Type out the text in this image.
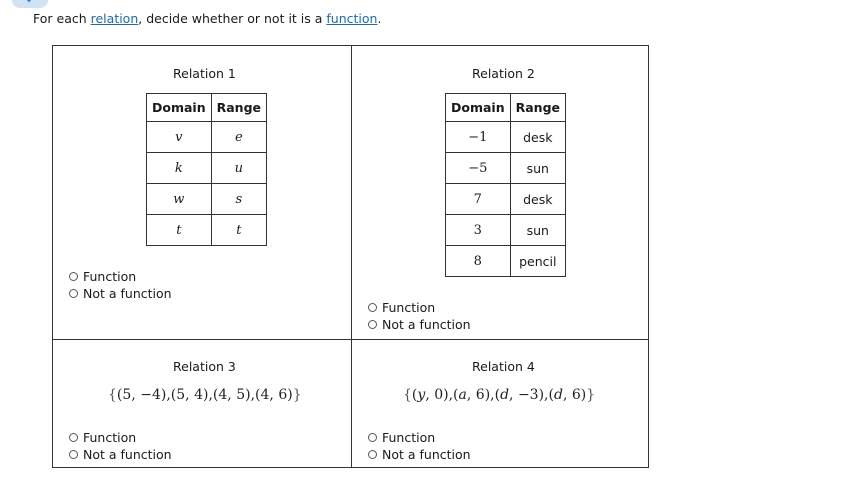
For each relation, decide whether or not it is a function.
Relation 1
Domain	Range
v	e
k	u
w	s
t	t
Function
Not a function
Relation 2
Domain	Range
−1	desk
−5	sun
7	desk
3	sun
8	pencil
Function
Not a function
Relation 3
{(5, −4),(5, 4),(4, 5),(4, 6)}
Function
Not a function
Relation 4
{(y, 0),(a, 6),(d, −3),(d, 6)}
Function
Not a function
